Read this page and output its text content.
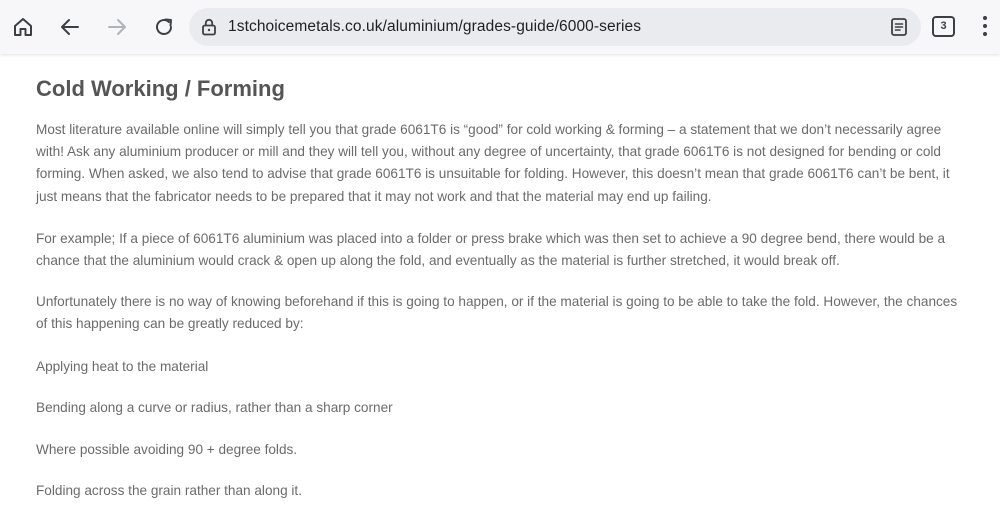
1stchoicemetals.co.uk/aluminium/grades-guide/6000-series	3
Cold Working / Forming

Most literature available online will simply tell you that grade 6061T6 is “good” for cold working & forming – a statement that we don’t necessarily agree with! Ask any aluminium producer or mill and they will tell you, without any degree of uncertainty, that grade 6061T6 is not designed for bending or cold forming. When asked, we also tend to advise that grade 6061T6 is unsuitable for folding. However, this doesn’t mean that grade 6061T6 can’t be bent, it just means that the fabricator needs to be prepared that it may not work and that the material may end up failing.

For example; If a piece of 6061T6 aluminium was placed into a folder or press brake which was then set to achieve a 90 degree bend, there would be a chance that the aluminium would crack & open up along the fold, and eventually as the material is further stretched, it would break off.

Unfortunately there is no way of knowing beforehand if this is going to happen, or if the material is going to be able to take the fold. However, the chances of this happening can be greatly reduced by:

Applying heat to the material

Bending along a curve or radius, rather than a sharp corner

Where possible avoiding 90 + degree folds.

Folding across the grain rather than along it.
